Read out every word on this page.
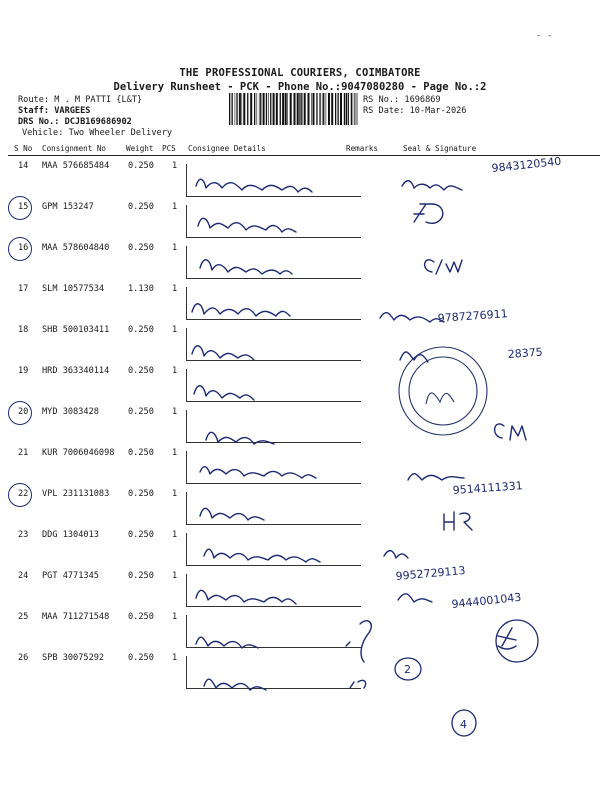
- -
THE PROFESSIONAL COURIERS, COIMBATORE
Delivery Runsheet - PCK - Phone No.:9047080280 - Page No.:2
Route: M . M PATTI {L&T}
Staff: VARGEES
DRS No.: DCJB169686902
Vehicle: Two Wheeler Delivery
RS No.: 1696869
RS Date: 10-Mar-2026
S No Consignment No	Weight PCS Consignee Details	Remarks	Seal & Signature
14 MAA 576685484 0.250 1
15 GPM 153247	0.250 1
16 MAA 578604840 0.250 1
17 SLM 10577534	1.130 1
18 SHB 500103411 0.250 1
19 HRD 363340114 0.250 1
20 MYD 3083428	0.250 1
21 KUR 7006046098 0.250 1
22 VPL 231131083 0.250 1
23 DDG 1304013	0.250 1
24 PGT 4771345	0.250 1
25 MAA 711271548 0.250 1
26 SPB 30075292	0.250 1
9843120540
9787276911
28375
9514111331
9952729113
9444001043
2
4
